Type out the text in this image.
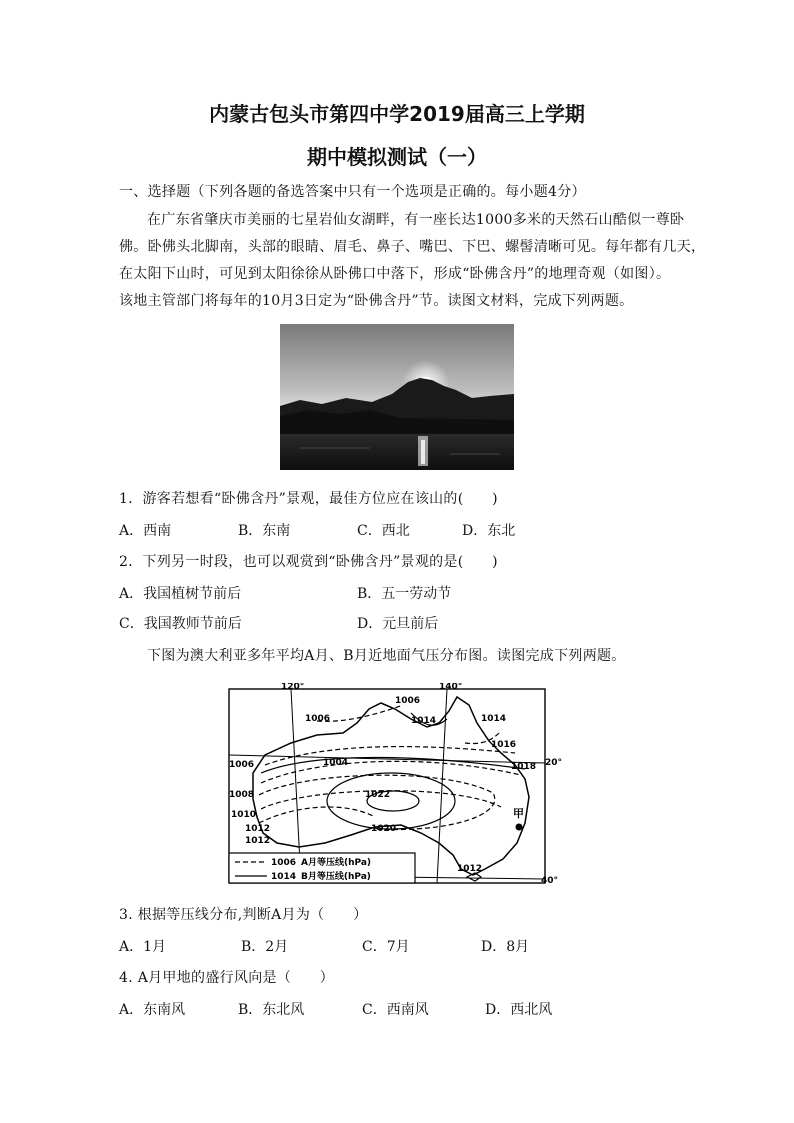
内蒙古包头市第四中学2019届高三上学期
期中模拟测试（一）
一、选择题（下列各题的备选答案中只有一个选项是正确的。每小题4分）
在广东省肇庆市美丽的七星岩仙女湖畔，有一座长达1000多米的天然石山酷似一尊卧
佛。卧佛头北脚南，头部的眼睛、眉毛、鼻子、嘴巴、下巴、螺髻清晰可见。每年都有几天，
在太阳下山时，可见到太阳徐徐从卧佛口中落下，形成“卧佛含丹”的地理奇观（如图）。
该地主管部门将每年的10月3日定为“卧佛含丹”节。读图文材料，完成下列两题。
1．游客若想看“卧佛含丹”景观，最佳方位应在该山的(　　)
A．西南	B．东南	C．西北	D．东北
2．下列另一时段，也可以观赏到“卧佛含丹”景观的是(　　)
A．我国植树节前后	B．五一劳动节
C．我国教师节前后	D．元旦前后
下图为澳大利亚多年平均A月、B月近地面气压分布图。读图完成下列两题。
120°	140°
20°
40°
1006
1006
1006
1008
1010
1012
1012
1004
1016
1012
1014	1014
1018
1022
1020
甲
1006 A月等压线(hPa)
1014 B月等压线(hPa)
3. 根据等压线分布,判断A月为（　　）
A．1月	B．2月	C．7月	D．8月
4. A月甲地的盛行风向是（　　）
A．东南风	B．东北风	C．西南风	D．西北风
